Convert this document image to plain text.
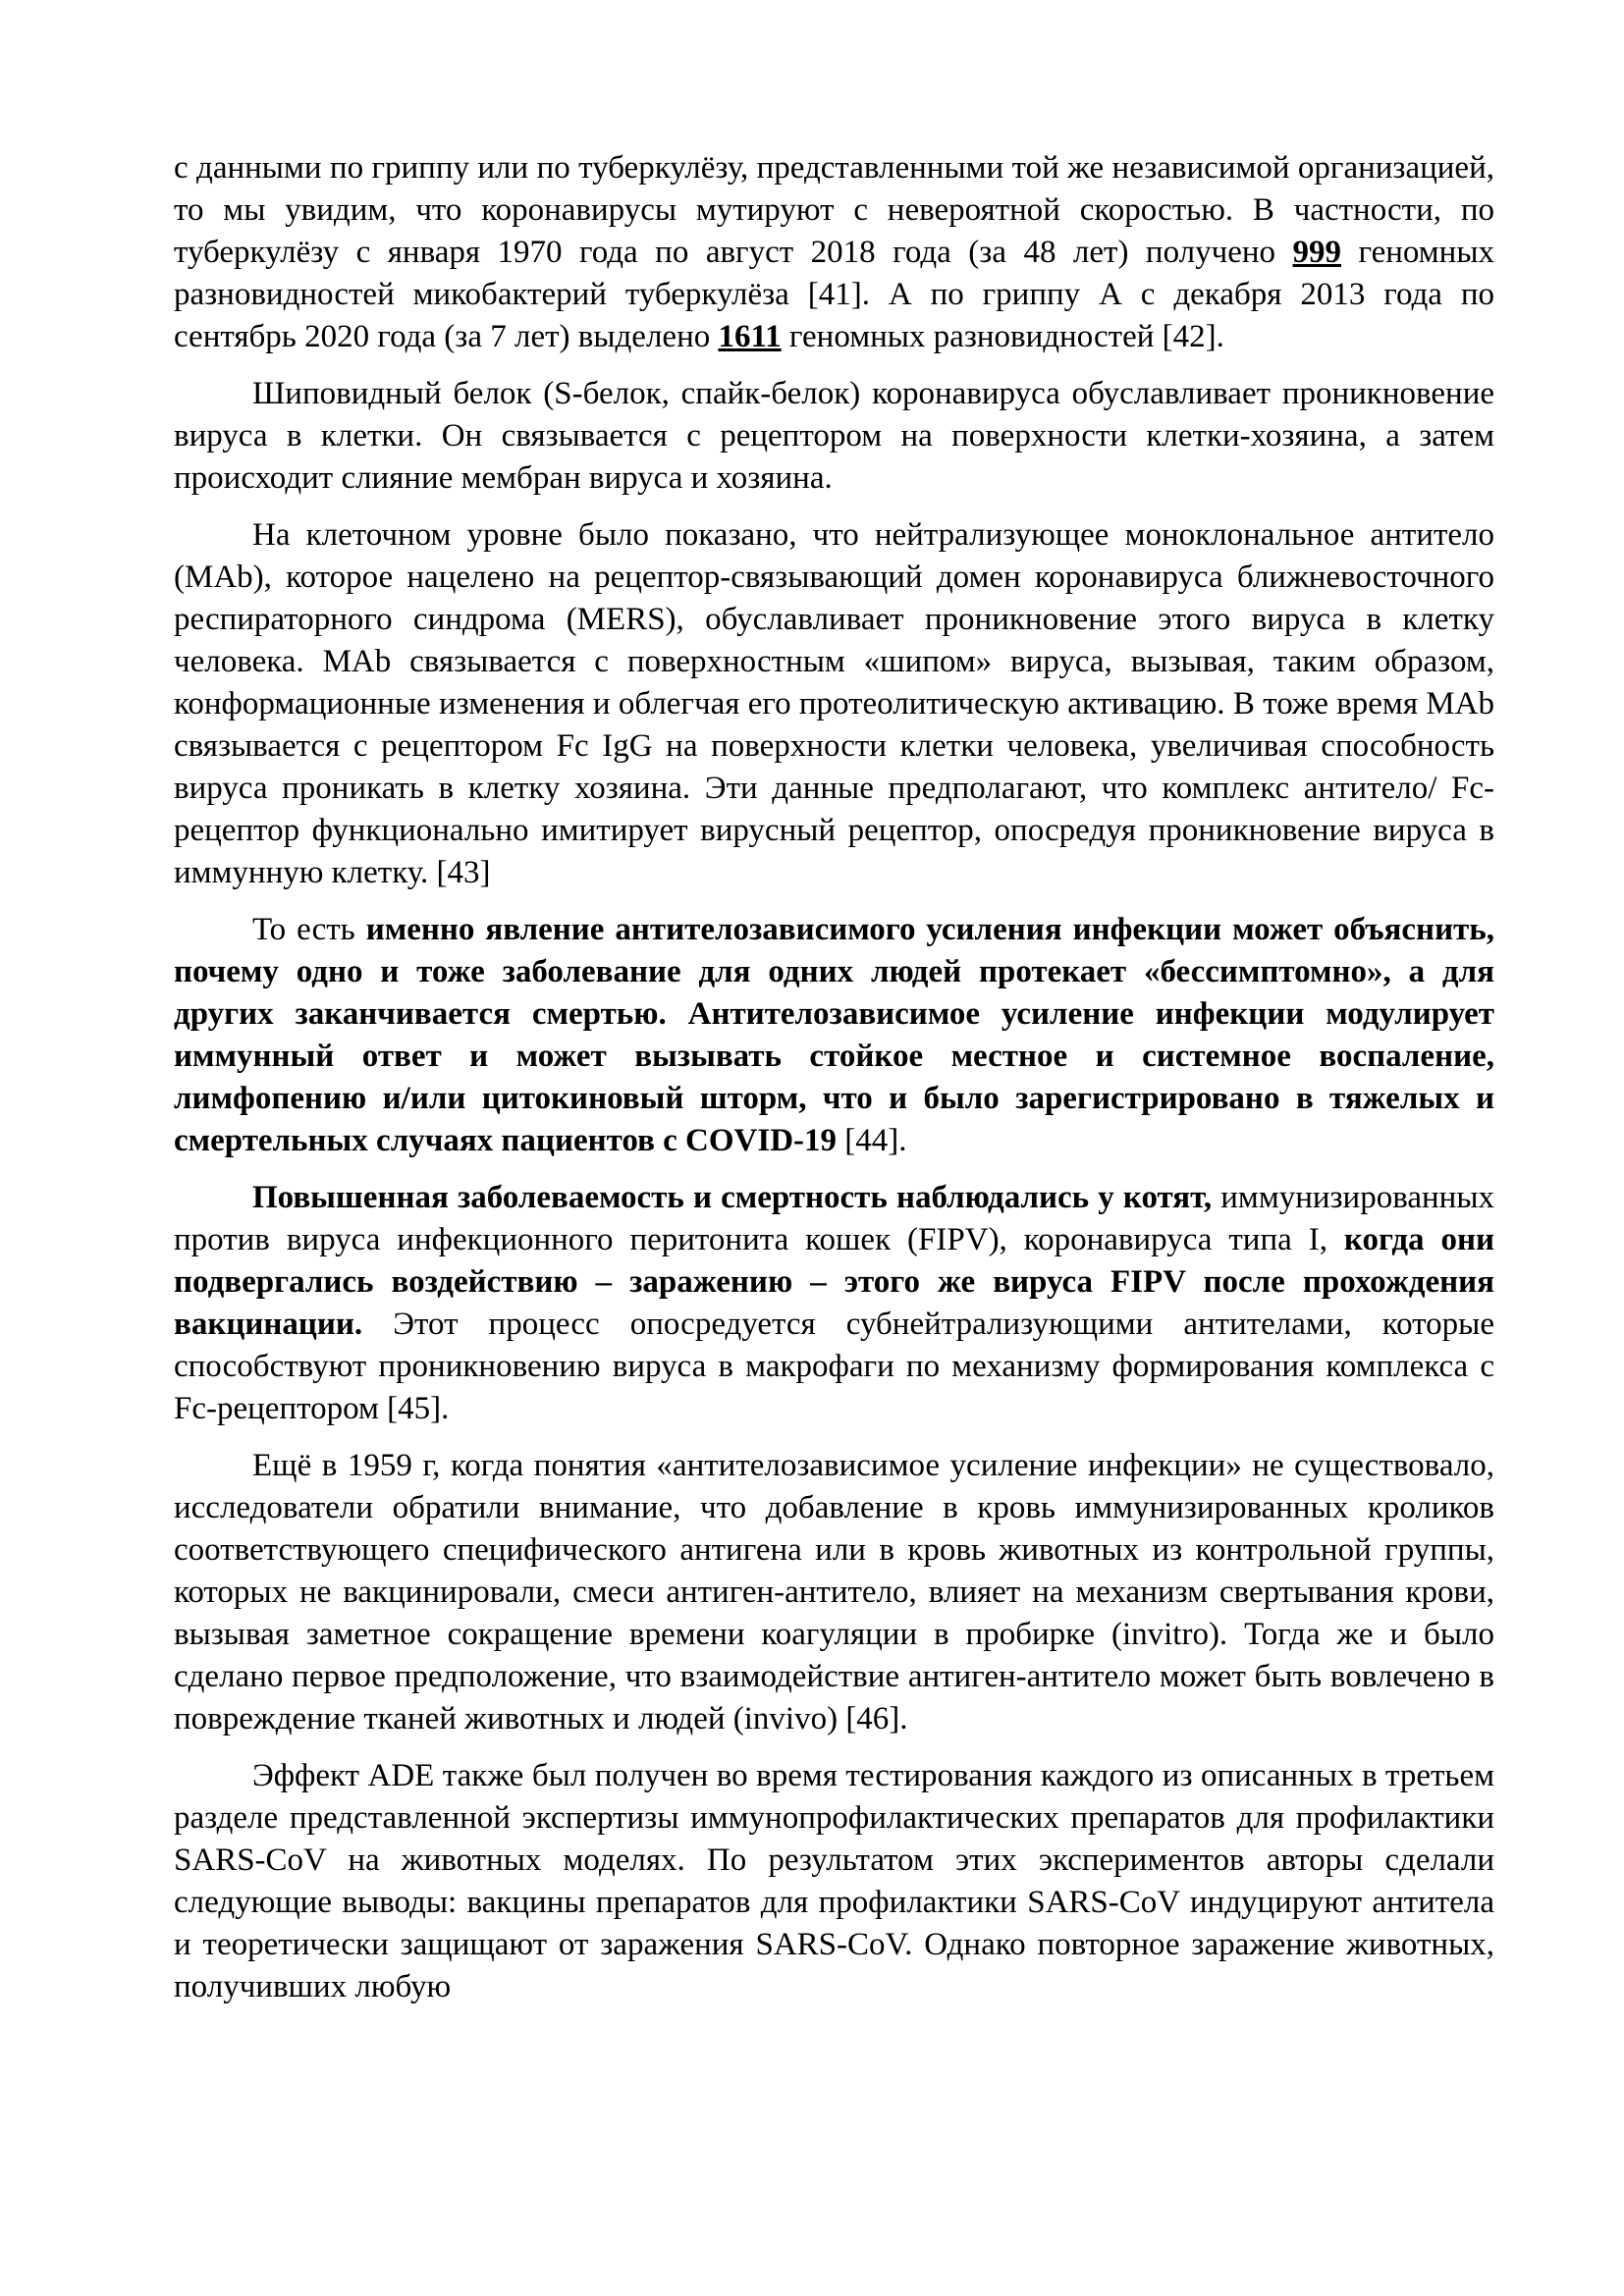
с данными по гриппу или по туберкулёзу, представленными той же независимой организацией, то мы увидим, что коронавирусы мутируют с невероятной скоростью. В частности, по туберкулёзу с января 1970 года по август 2018 года (за 48 лет) получено 999 геномных разновидностей микобактерий туберкулёза [41]. А по гриппу А с декабря 2013 года по сентябрь 2020 года (за 7 лет) выделено 1611 геномных разновидностей [42].

Шиповидный белок (S-белок, спайк-белок) коронавируса обуславливает проникновение вируса в клетки. Он связывается с рецептором на поверхности клетки-хозяина, а затем происходит слияние мембран вируса и хозяина.

На клеточном уровне было показано, что нейтрализующее моноклональное антитело (MAb), которое нацелено на рецептор-связывающий домен коронавируса ближневосточного респираторного синдрома (MERS), обуславливает проникновение этого вируса в клетку человека. MAb связывается с поверхностным «шипом» вируса, вызывая, таким образом, конформационные изменения и облегчая его протеолитическую активацию. В тоже время MAb связывается с рецептором Fc IgG на поверхности клетки человека, увеличивая способность вируса проникать в клетку хозяина. Эти данные предполагают, что комплекс антитело/ Fc-рецептор функционально имитирует вирусный рецептор, опосредуя проникновение вируса в иммунную клетку. [43]

То есть именно явление антителозависимого усиления инфекции может объяснить, почему одно и тоже заболевание для одних людей протекает «бессимптомно», а для других заканчивается смертью. Антителозависимое усиление инфекции модулирует иммунный ответ и может вызывать стойкое местное и системное воспаление, лимфопению и/или цитокиновый шторм, что и было зарегистрировано в тяжелых и смертельных случаях пациентов с COVID-19 [44].

Повышенная заболеваемость и смертность наблюдались у котят, иммунизированных против вируса инфекционного перитонита кошек (FIPV), коронавируса типа I, когда они подвергались воздействию – заражению – этого же вируса FIPV после прохождения вакцинации. Этот процесс опосредуется субнейтрализующими антителами, которые способствуют проникновению вируса в макрофаги по механизму формирования комплекса с Fc-рецептором [45].

Ещё в 1959 г, когда понятия «антителозависимое усиление инфекции» не существовало, исследователи обратили внимание, что добавление в кровь иммунизированных кроликов соответствующего специфического антигена или в кровь животных из контрольной группы, которых не вакцинировали, смеси антиген-антитело, влияет на механизм свертывания крови, вызывая заметное сокращение времени коагуляции в пробирке (invitro). Тогда же и было сделано первое предположение, что взаимодействие антиген-антитело может быть вовлечено в повреждение тканей животных и людей (invivo) [46].

Эффект ADE также был получен во время тестирования каждого из описанных в третьем разделе представленной экспертизы иммунопрофилактических препаратов для профилактики SARS-CoV на животных моделях. По результатом этих экспериментов авторы сделали следующие выводы: вакцины препаратов для профилактики SARS-CoV индуцируют антитела и теоретически защищают от заражения SARS-CoV. Однако повторное заражение животных, получивших любую
